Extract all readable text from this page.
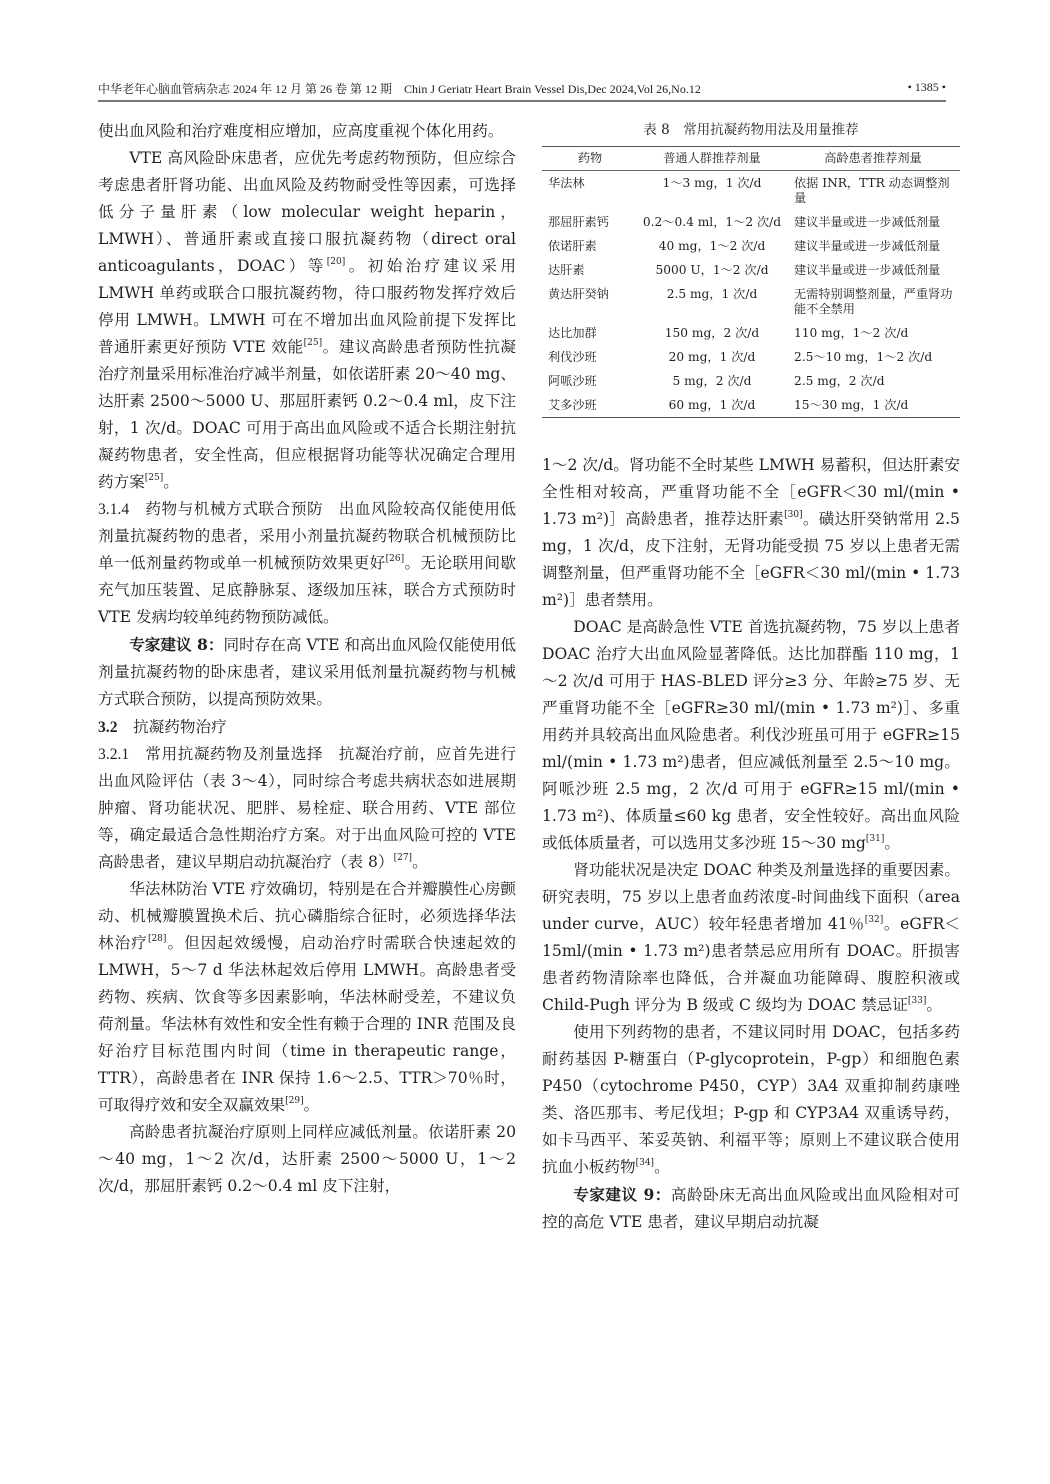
中华老年心脑血管病杂志 2024 年 12 月 第 26 卷 第 12 期　Chin J Geriatr Heart Brain Vessel Dis,Dec 2024,Vol 26,No.12	• 1385 •

使出血风险和治疗难度相应增加，应高度重视个体化用药。

VTE 高风险卧床患者，应优先考虑药物预防，但应综合考虑患者肝肾功能、出血风险及药物耐受性等因素，可选择低分子量肝素（low molecular weight heparin，LMWH）、普通肝素或直接口服抗凝药物（direct oral anticoagulants，DOAC）等[20]。初始治疗建议采用 LMWH 单药或联合口服抗凝药物，待口服药物发挥疗效后停用 LMWH。LMWH 可在不增加出血风险前提下发挥比普通肝素更好预防 VTE 效能[25]。建议高龄患者预防性抗凝治疗剂量采用标准治疗减半剂量，如依诺肝素 20～40 mg、达肝素 2500～5000 U、那屈肝素钙 0.2～0.4 ml，皮下注射，1 次/d。DOAC 可用于高出血风险或不适合长期注射抗凝药物患者，安全性高，但应根据肾功能等状况确定合理用药方案[25]。

3.1.4 药物与机械方式联合预防 出血风险较高仅能使用低剂量抗凝药物的患者，采用小剂量抗凝药物联合机械预防比单一低剂量药物或单一机械预防效果更好[26]。无论联用间歇充气加压装置、足底静脉泵、逐级加压袜，联合方式预防时 VTE 发病均较单纯药物预防减低。

专家建议 8：同时存在高 VTE 和高出血风险仅能使用低剂量抗凝药物的卧床患者，建议采用低剂量抗凝药物与机械方式联合预防，以提高预防效果。

3.2 抗凝药物治疗

3.2.1 常用抗凝药物及剂量选择 抗凝治疗前，应首先进行出血风险评估（表 3～4），同时综合考虑共病状态如进展期肿瘤、肾功能状况、肥胖、易栓症、联合用药、VTE 部位等，确定最适合急性期治疗方案。对于出血风险可控的 VTE 高龄患者，建议早期启动抗凝治疗（表 8）[27]。

华法林防治 VTE 疗效确切，特别是在合并瓣膜性心房颤动、机械瓣膜置换术后、抗心磷脂综合征时，必须选择华法林治疗[28]。但因起效缓慢，启动治疗时需联合快速起效的 LMWH，5～7 d 华法林起效后停用 LMWH。高龄患者受药物、疾病、饮食等多因素影响，华法林耐受差，不建议负荷剂量。华法林有效性和安全性有赖于合理的 INR 范围及良好治疗目标范围内时间（time in therapeutic range，TTR），高龄患者在 INR 保持 1.6～2.5、TTR＞70％时，可取得疗效和安全双赢效果[29]。

高龄患者抗凝治疗原则上同样应减低剂量。依诺肝素 20～40 mg，1～2 次/d，达肝素 2500～5000 U，1～2 次/d，那屈肝素钙 0.2～0.4 ml 皮下注射，

表 8 常用抗凝药物用法及用量推荐
药物	普通人群推荐剂量	高龄患者推荐剂量
华法林	1～3 mg，1 次/d	依据 INR，TTR 动态调整剂量
那屈肝素钙	0.2～0.4 ml，1～2 次/d	建议半量或进一步减低剂量
依诺肝素	40 mg，1～2 次/d	建议半量或进一步减低剂量
达肝素	5000 U，1～2 次/d	建议半量或进一步减低剂量
黄达肝癸钠	2.5 mg，1 次/d	无需特别调整剂量，严重肾功能不全禁用
达比加群	150 mg，2 次/d	110 mg，1～2 次/d
利伐沙班	20 mg，1 次/d	2.5～10 mg，1～2 次/d
阿哌沙班	5 mg，2 次/d	2.5 mg，2 次/d
艾多沙班	60 mg，1 次/d	15～30 mg，1 次/d

1～2 次/d。肾功能不全时某些 LMWH 易蓄积，但达肝素安全性相对较高，严重肾功能不全［eGFR＜30 ml/(min • 1.73 m²)］高龄患者，推荐达肝素[30]。磺达肝癸钠常用 2.5 mg，1 次/d，皮下注射，无肾功能受损 75 岁以上患者无需调整剂量，但严重肾功能不全［eGFR＜30 ml/(min • 1.73 m²)］患者禁用。

DOAC 是高龄急性 VTE 首选抗凝药物，75 岁以上患者 DOAC 治疗大出血风险显著降低。达比加群酯 110 mg，1～2 次/d 可用于 HAS-BLED 评分≥3 分、年龄≥75 岁、无严重肾功能不全［eGFR≥30 ml/(min • 1.73 m²)］、多重用药并具较高出血风险患者。利伐沙班虽可用于 eGFR≥15 ml/(min • 1.73 m²)患者，但应减低剂量至 2.5～10 mg。阿哌沙班 2.5 mg，2 次/d 可用于 eGFR≥15 ml/(min • 1.73 m²)、体质量≤60 kg 患者，安全性较好。高出血风险或低体质量者，可以选用艾多沙班 15～30 mg[31]。

肾功能状况是决定 DOAC 种类及剂量选择的重要因素。研究表明，75 岁以上患者血药浓度-时间曲线下面积（area under curve，AUC）较年轻患者增加 41％[32]。eGFR＜15ml/(min • 1.73 m²)患者禁忌应用所有 DOAC。肝损害患者药物清除率也降低，合并凝血功能障碍、腹腔积液或 Child-Pugh 评分为 B 级或 C 级均为 DOAC 禁忌证[33]。

使用下列药物的患者，不建议同时用 DOAC，包括多药耐药基因 P-糖蛋白（P-glycoprotein，P-gp）和细胞色素 P450（cytochrome P450，CYP）3A4 双重抑制药康唑类、洛匹那韦、考尼伐坦；P-gp 和 CYP3A4 双重诱导药，如卡马西平、苯妥英钠、利福平等；原则上不建议联合使用抗血小板药物[34]。

专家建议 9：高龄卧床无高出血风险或出血风险相对可控的高危 VTE 患者，建议早期启动抗凝
